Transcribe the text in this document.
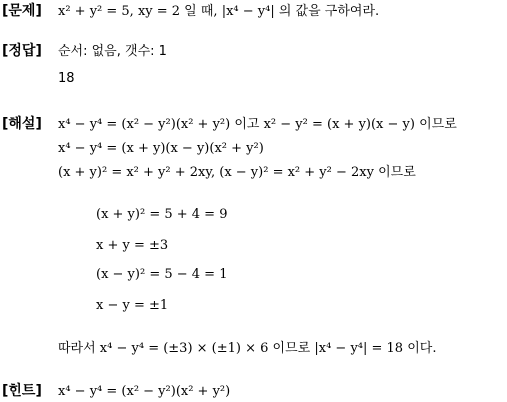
[문제] x² + y² = 5, xy = 2 일 때, |x⁴ − y⁴| 의 값을 구하여라.
[정답] 순서: 없음, 갯수: 1
18
[해설] x⁴ − y⁴ = (x² − y²)(x² + y²) 이고 x² − y² = (x + y)(x − y) 이므로
x⁴ − y⁴ = (x + y)(x − y)(x² + y²)
(x + y)² = x² + y² + 2xy, (x − y)² = x² + y² − 2xy 이므로
(x + y)² = 5 + 4 = 9
x + y = ±3
(x − y)² = 5 − 4 = 1
x − y = ±1
따라서 x⁴ − y⁴ = (±3) × (±1) × 6 이므로 |x⁴ − y⁴| = 18 이다.
[힌트] x⁴ − y⁴ = (x² − y²)(x² + y²)
